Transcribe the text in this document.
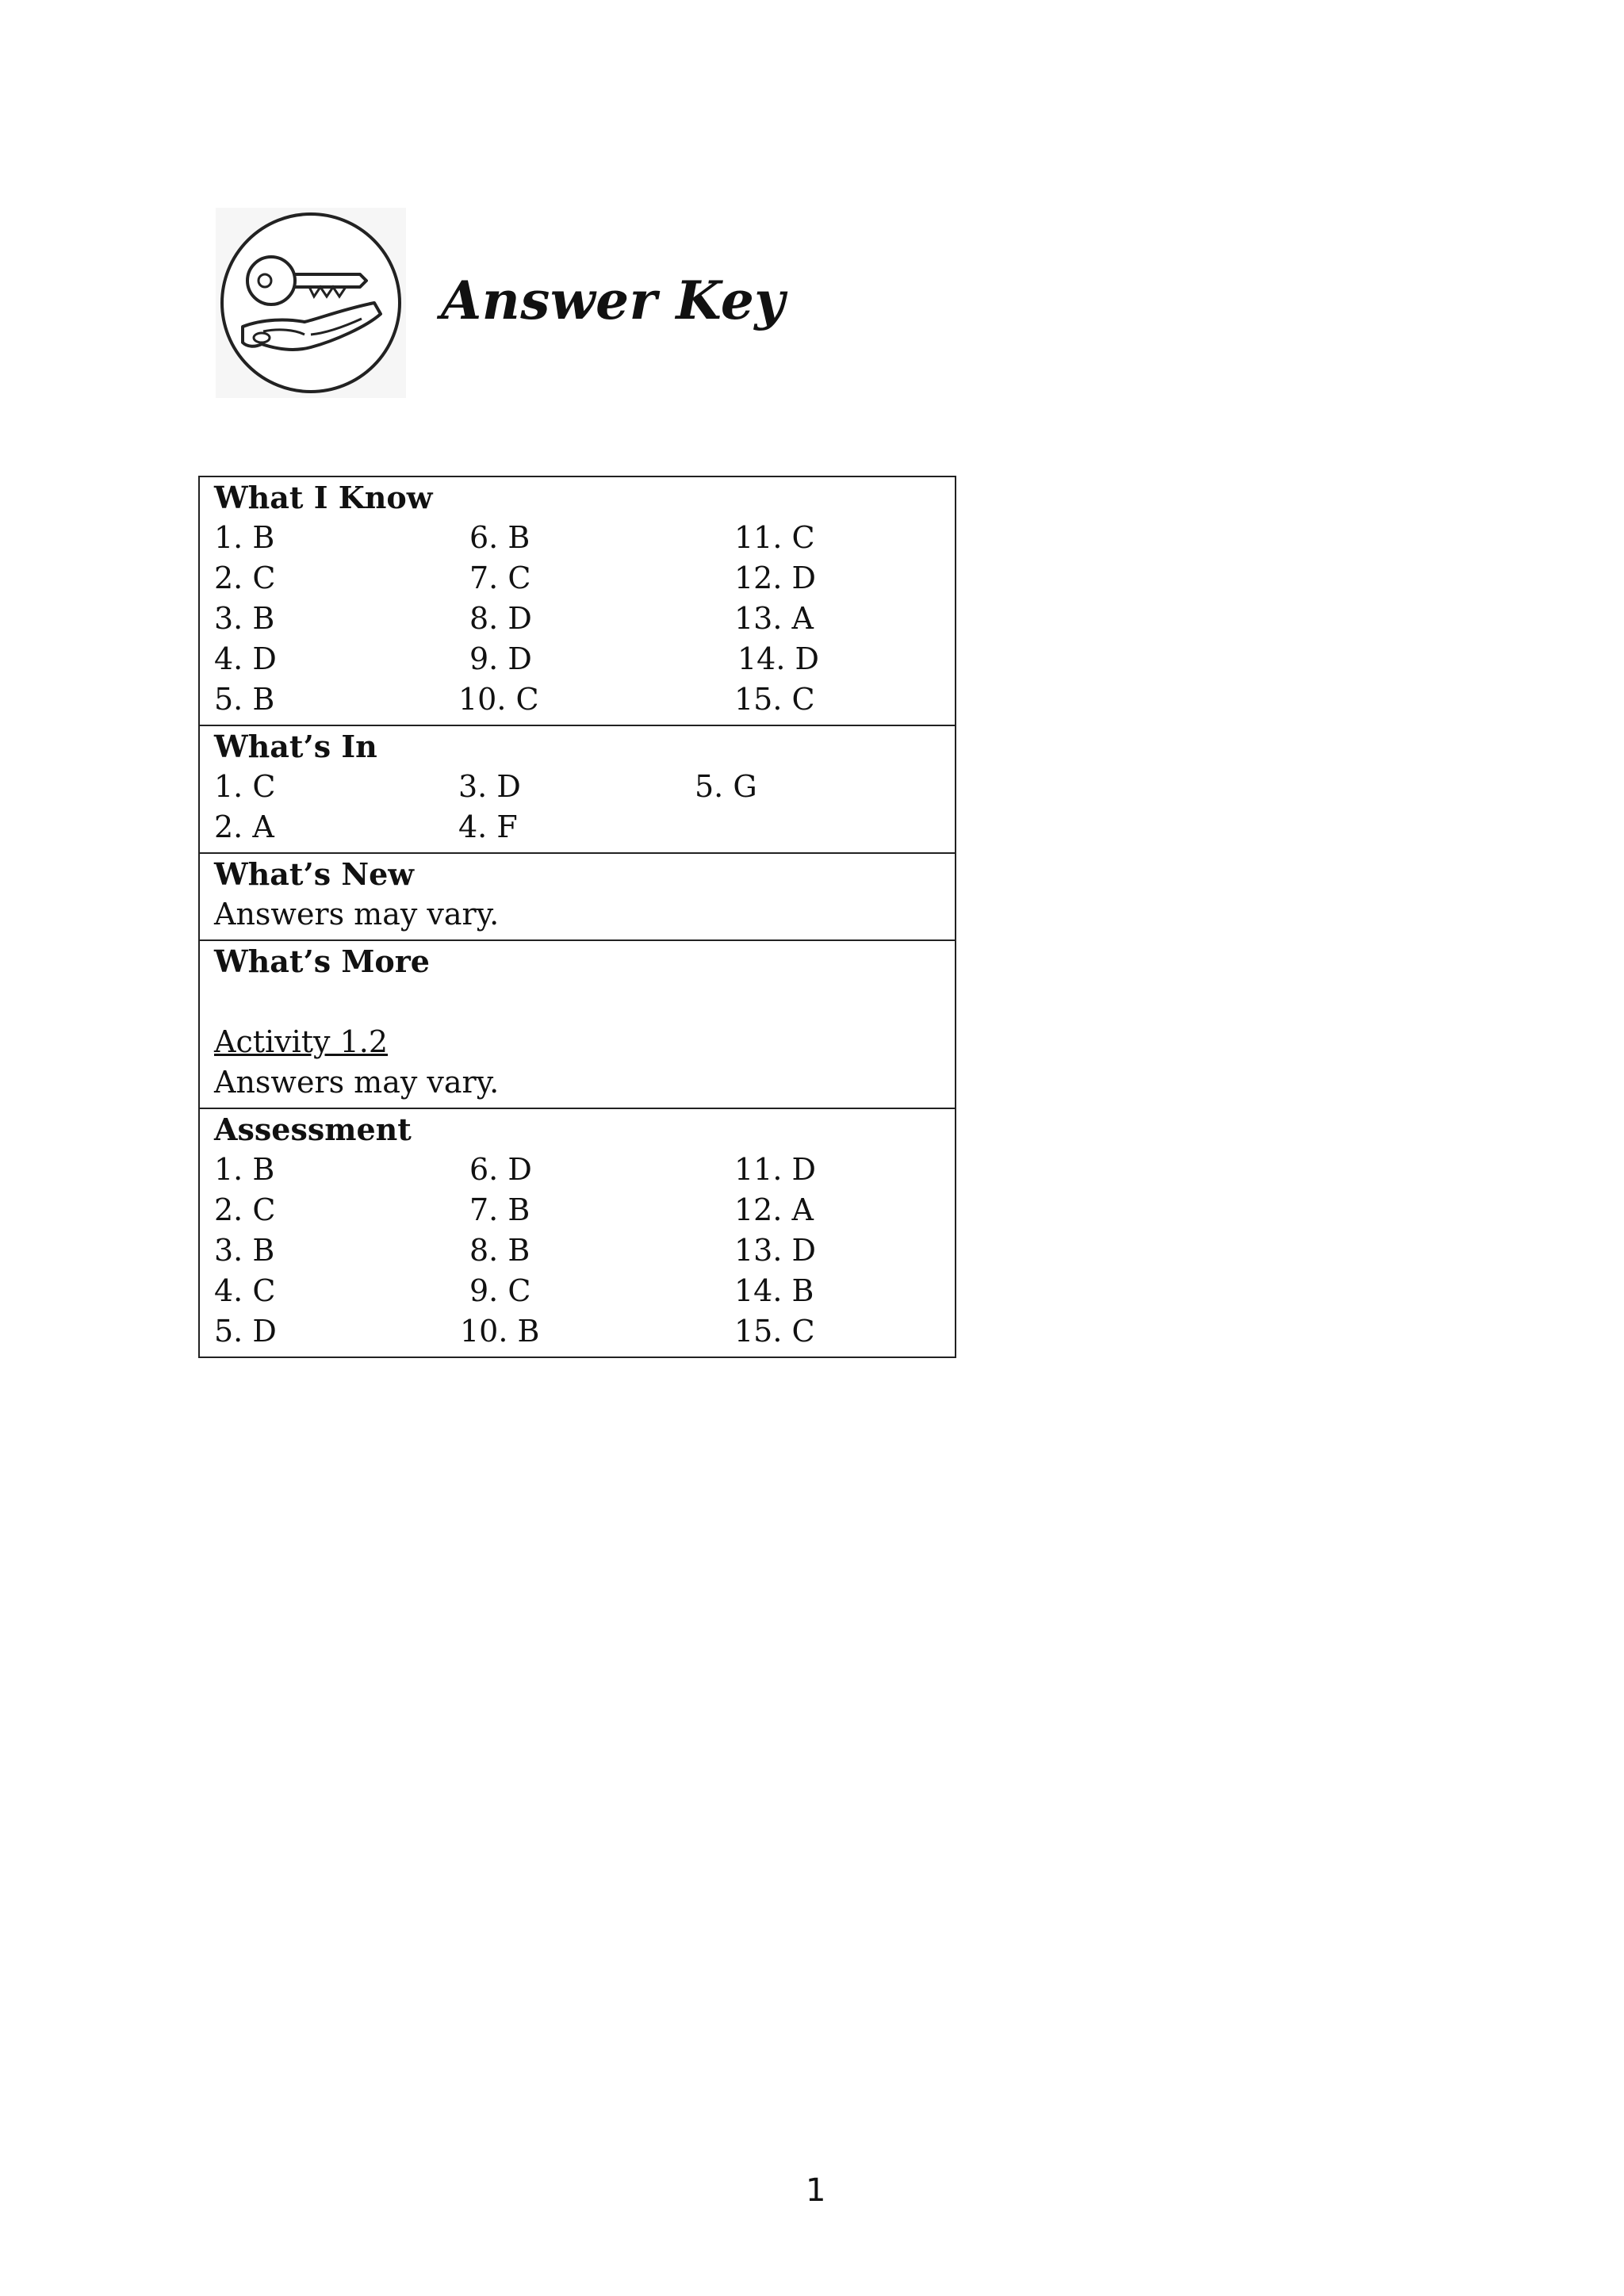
Answer Key
What I Know
1. B	6. B	11. C
2. C	7. C	12. D
3. B	8. D	13. A
4. D	9. D	14. D
5. B	10. C	15. C
What’s In
1. C	3. D	5. G
2. A	4. F
What’s New
Answers may vary.
What’s More
Activity 1.2
Answers may vary.
Assessment
1. B	6. D	11. D
2. C	7. B	12. A
3. B	8. B	13. D
4. C	9. C	14. B
5. D	10. B	15. C
1
